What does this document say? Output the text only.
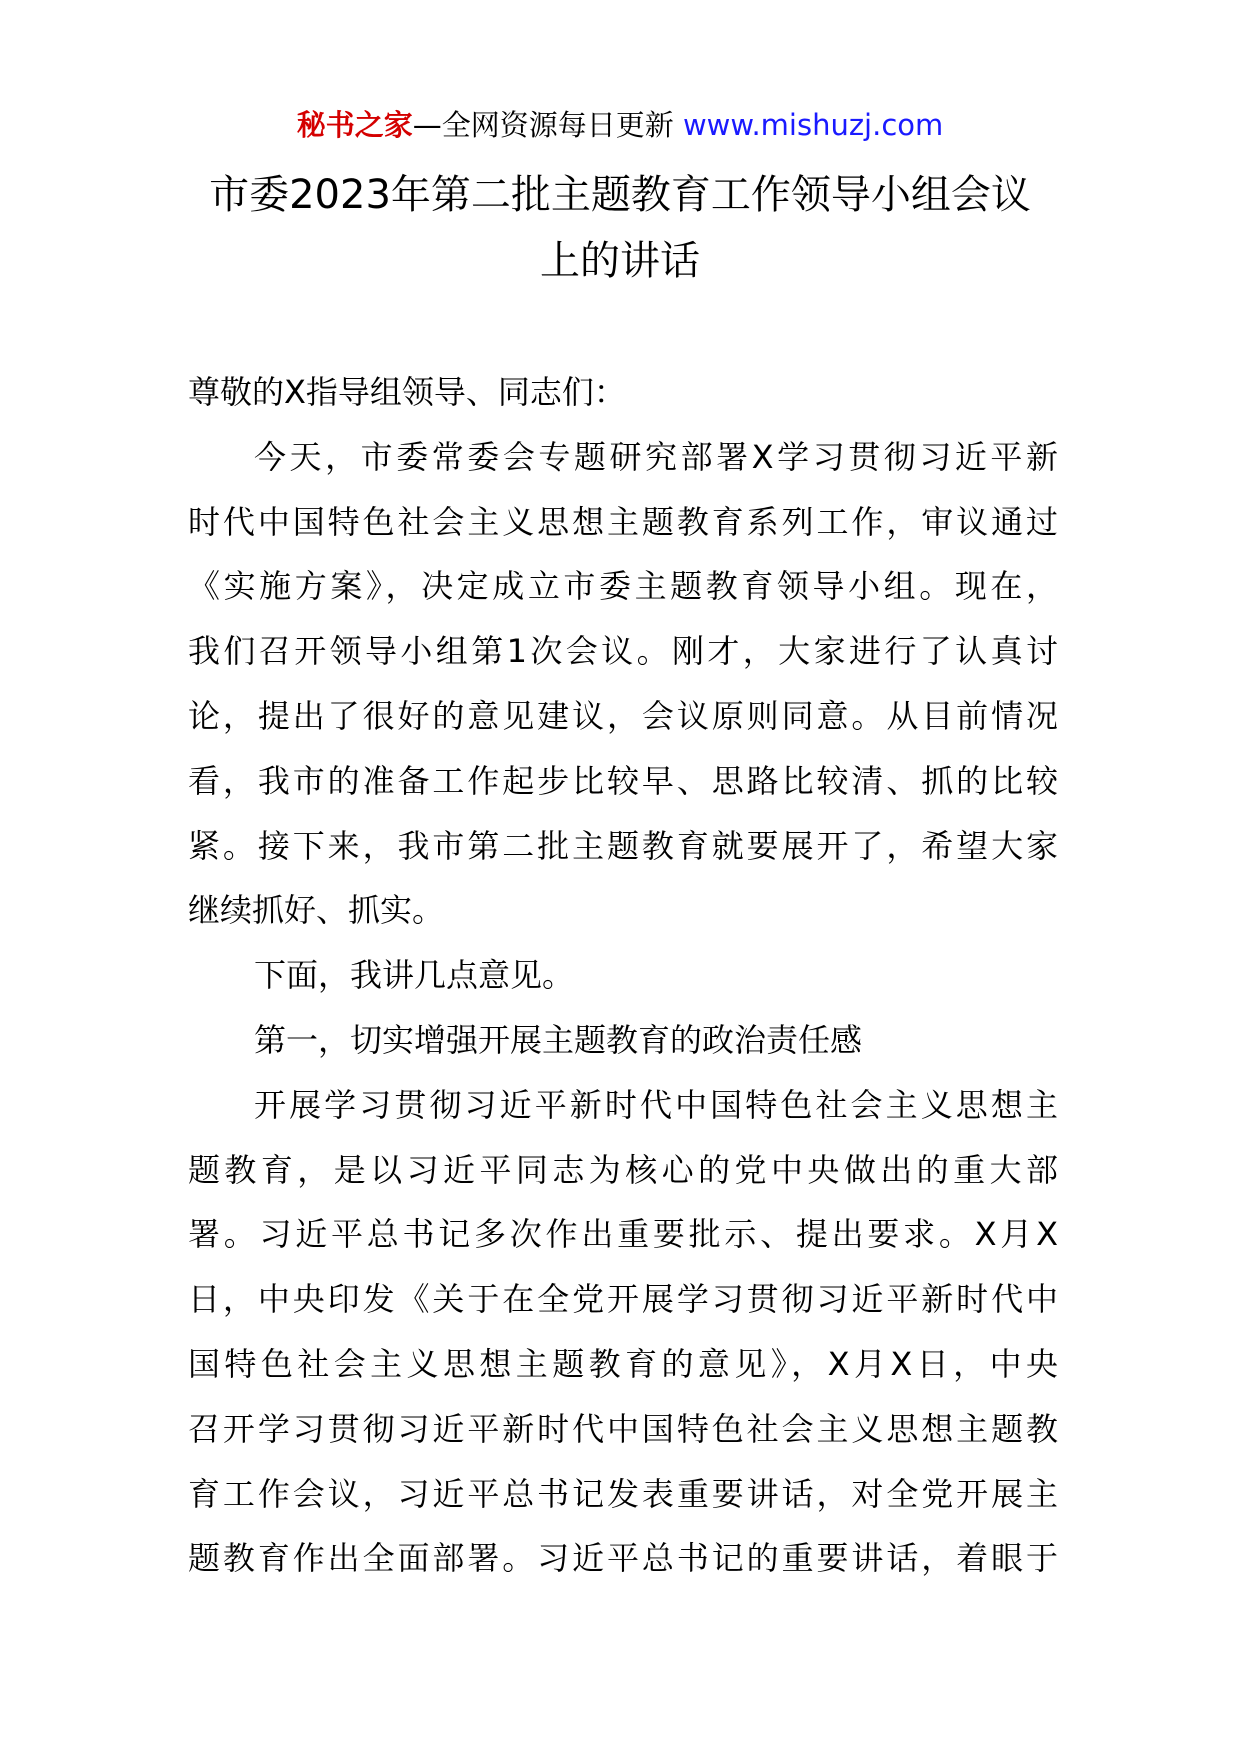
秘书之家—全网资源每日更新 www.mishuzj.com
市委2023年第二批主题教育工作领导小组会议
上的讲话
尊敬的X指导组领导、同志们：
今天，市委常委会专题研究部署X学习贯彻习近平新
时代中国特色社会主义思想主题教育系列工作，审议通过
《实施方案》，决定成立市委主题教育领导小组。现在，
我们召开领导小组第1次会议。刚才，大家进行了认真讨
论，提出了很好的意见建议，会议原则同意。从目前情况
看，我市的准备工作起步比较早、思路比较清、抓的比较
紧。接下来，我市第二批主题教育就要展开了，希望大家
继续抓好、抓实。
下面，我讲几点意见。
第一，切实增强开展主题教育的政治责任感
开展学习贯彻习近平新时代中国特色社会主义思想主
题教育，是以习近平同志为核心的党中央做出的重大部
署。习近平总书记多次作出重要批示、提出要求。X月X
日，中央印发《关于在全党开展学习贯彻习近平新时代中
国特色社会主义思想主题教育的意见》，X月X日，中央
召开学习贯彻习近平新时代中国特色社会主义思想主题教
育工作会议，习近平总书记发表重要讲话，对全党开展主
题教育作出全面部署。习近平总书记的重要讲话，着眼于
